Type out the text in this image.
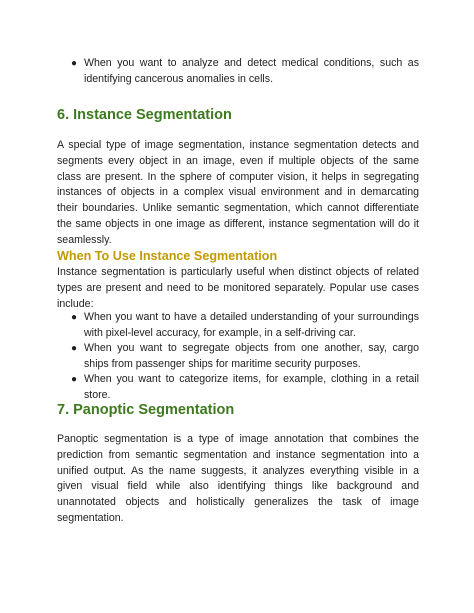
● When you want to analyze and detect medical conditions, such as identifying cancerous anomalies in cells.
6. Instance Segmentation

A special type of image segmentation, instance segmentation detects and segments every object in an image, even if multiple objects of the same class are present. In the sphere of computer vision, it helps in segregating instances of objects in a complex visual environment and in demarcating their boundaries. Unlike semantic segmentation, which cannot differentiate the same objects in one image as different, instance segmentation will do it seamlessly.

When To Use Instance Segmentation

Instance segmentation is particularly useful when distinct objects of related types are present and need to be monitored separately. Popular use cases include:

● When you want to have a detailed understanding of your surroundings with pixel-level accuracy, for example, in a self-driving car.
● When you want to segregate objects from one another, say, cargo ships from passenger ships for maritime security purposes.
● When you want to categorize items, for example, clothing in a retail store.
7. Panoptic Segmentation

Panoptic segmentation is a type of image annotation that combines the prediction from semantic segmentation and instance segmentation into a unified output. As the name suggests, it analyzes everything visible in a given visual field while also identifying things like background and unannotated objects and holistically generalizes the task of image segmentation.
